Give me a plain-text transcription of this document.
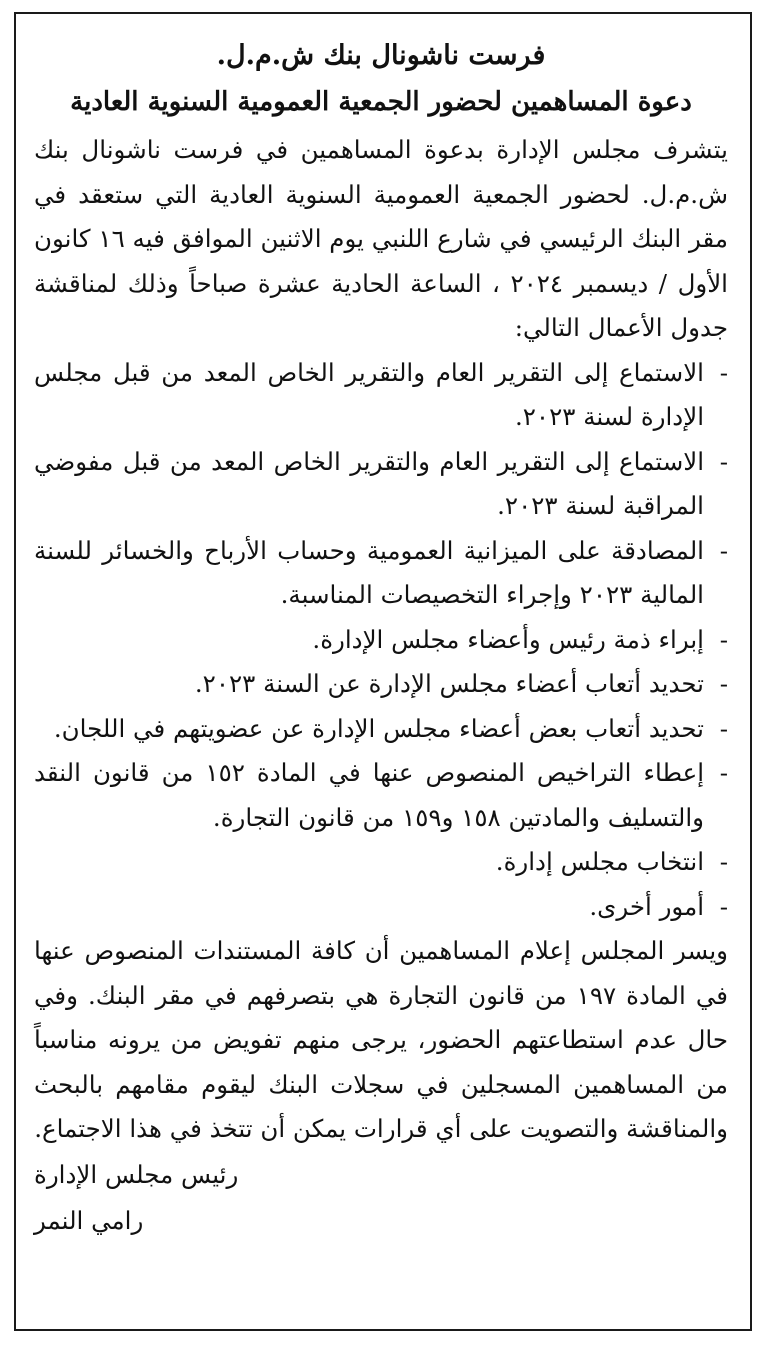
فرست ناشونال بنك ش.م.ل.
دعوة المساهمين لحضور الجمعية العمومية السنوية العادية

يتشرف مجلس الإدارة بدعوة المساهمين في فرست ناشونال بنك ش.م.ل. لحضور الجمعية العمومية السنوية العادية التي ستعقد في مقر البنك الرئيسي في شارع اللنبي يوم الاثنين الموافق فيه ١٦ كانون الأول / ديسمبر ٢٠٢٤ ، الساعة الحادية عشرة صباحاً وذلك لمناقشة جدول الأعمال التالي:

-
الاستماع إلى التقرير العام والتقرير الخاص المعد من قبل مجلس الإدارة لسنة ٢٠٢٣.
-
الاستماع إلى التقرير العام والتقرير الخاص المعد من قبل مفوضي المراقبة لسنة ٢٠٢٣.
-
المصادقة على الميزانية العمومية وحساب الأرباح والخسائر للسنة المالية ٢٠٢٣ وإجراء التخصيصات المناسبة.
-
إبراء ذمة رئيس وأعضاء مجلس الإدارة.
-
تحديد أتعاب أعضاء مجلس الإدارة عن السنة ٢٠٢٣.
-
تحديد أتعاب بعض أعضاء مجلس الإدارة عن عضويتهم في اللجان.
-
إعطاء التراخيص المنصوص عنها في المادة ١٥٢ من قانون النقد والتسليف والمادتين ١٥٨ و١٥٩ من قانون التجارة.
-
انتخاب مجلس إدارة.
-
أمور أخرى.

ويسر المجلس إعلام المساهمين أن كافة المستندات المنصوص عنها في المادة ١٩٧ من قانون التجارة هي بتصرفهم في مقر البنك. وفي حال عدم استطاعتهم الحضور، يرجى منهم تفويض من يرونه مناسباً من المساهمين المسجلين في سجلات البنك ليقوم مقامهم بالبحث والمناقشة والتصويت على أي قرارات يمكن أن تتخذ في هذا الاجتماع.

رئيس مجلس الإدارة

رامي النمر
